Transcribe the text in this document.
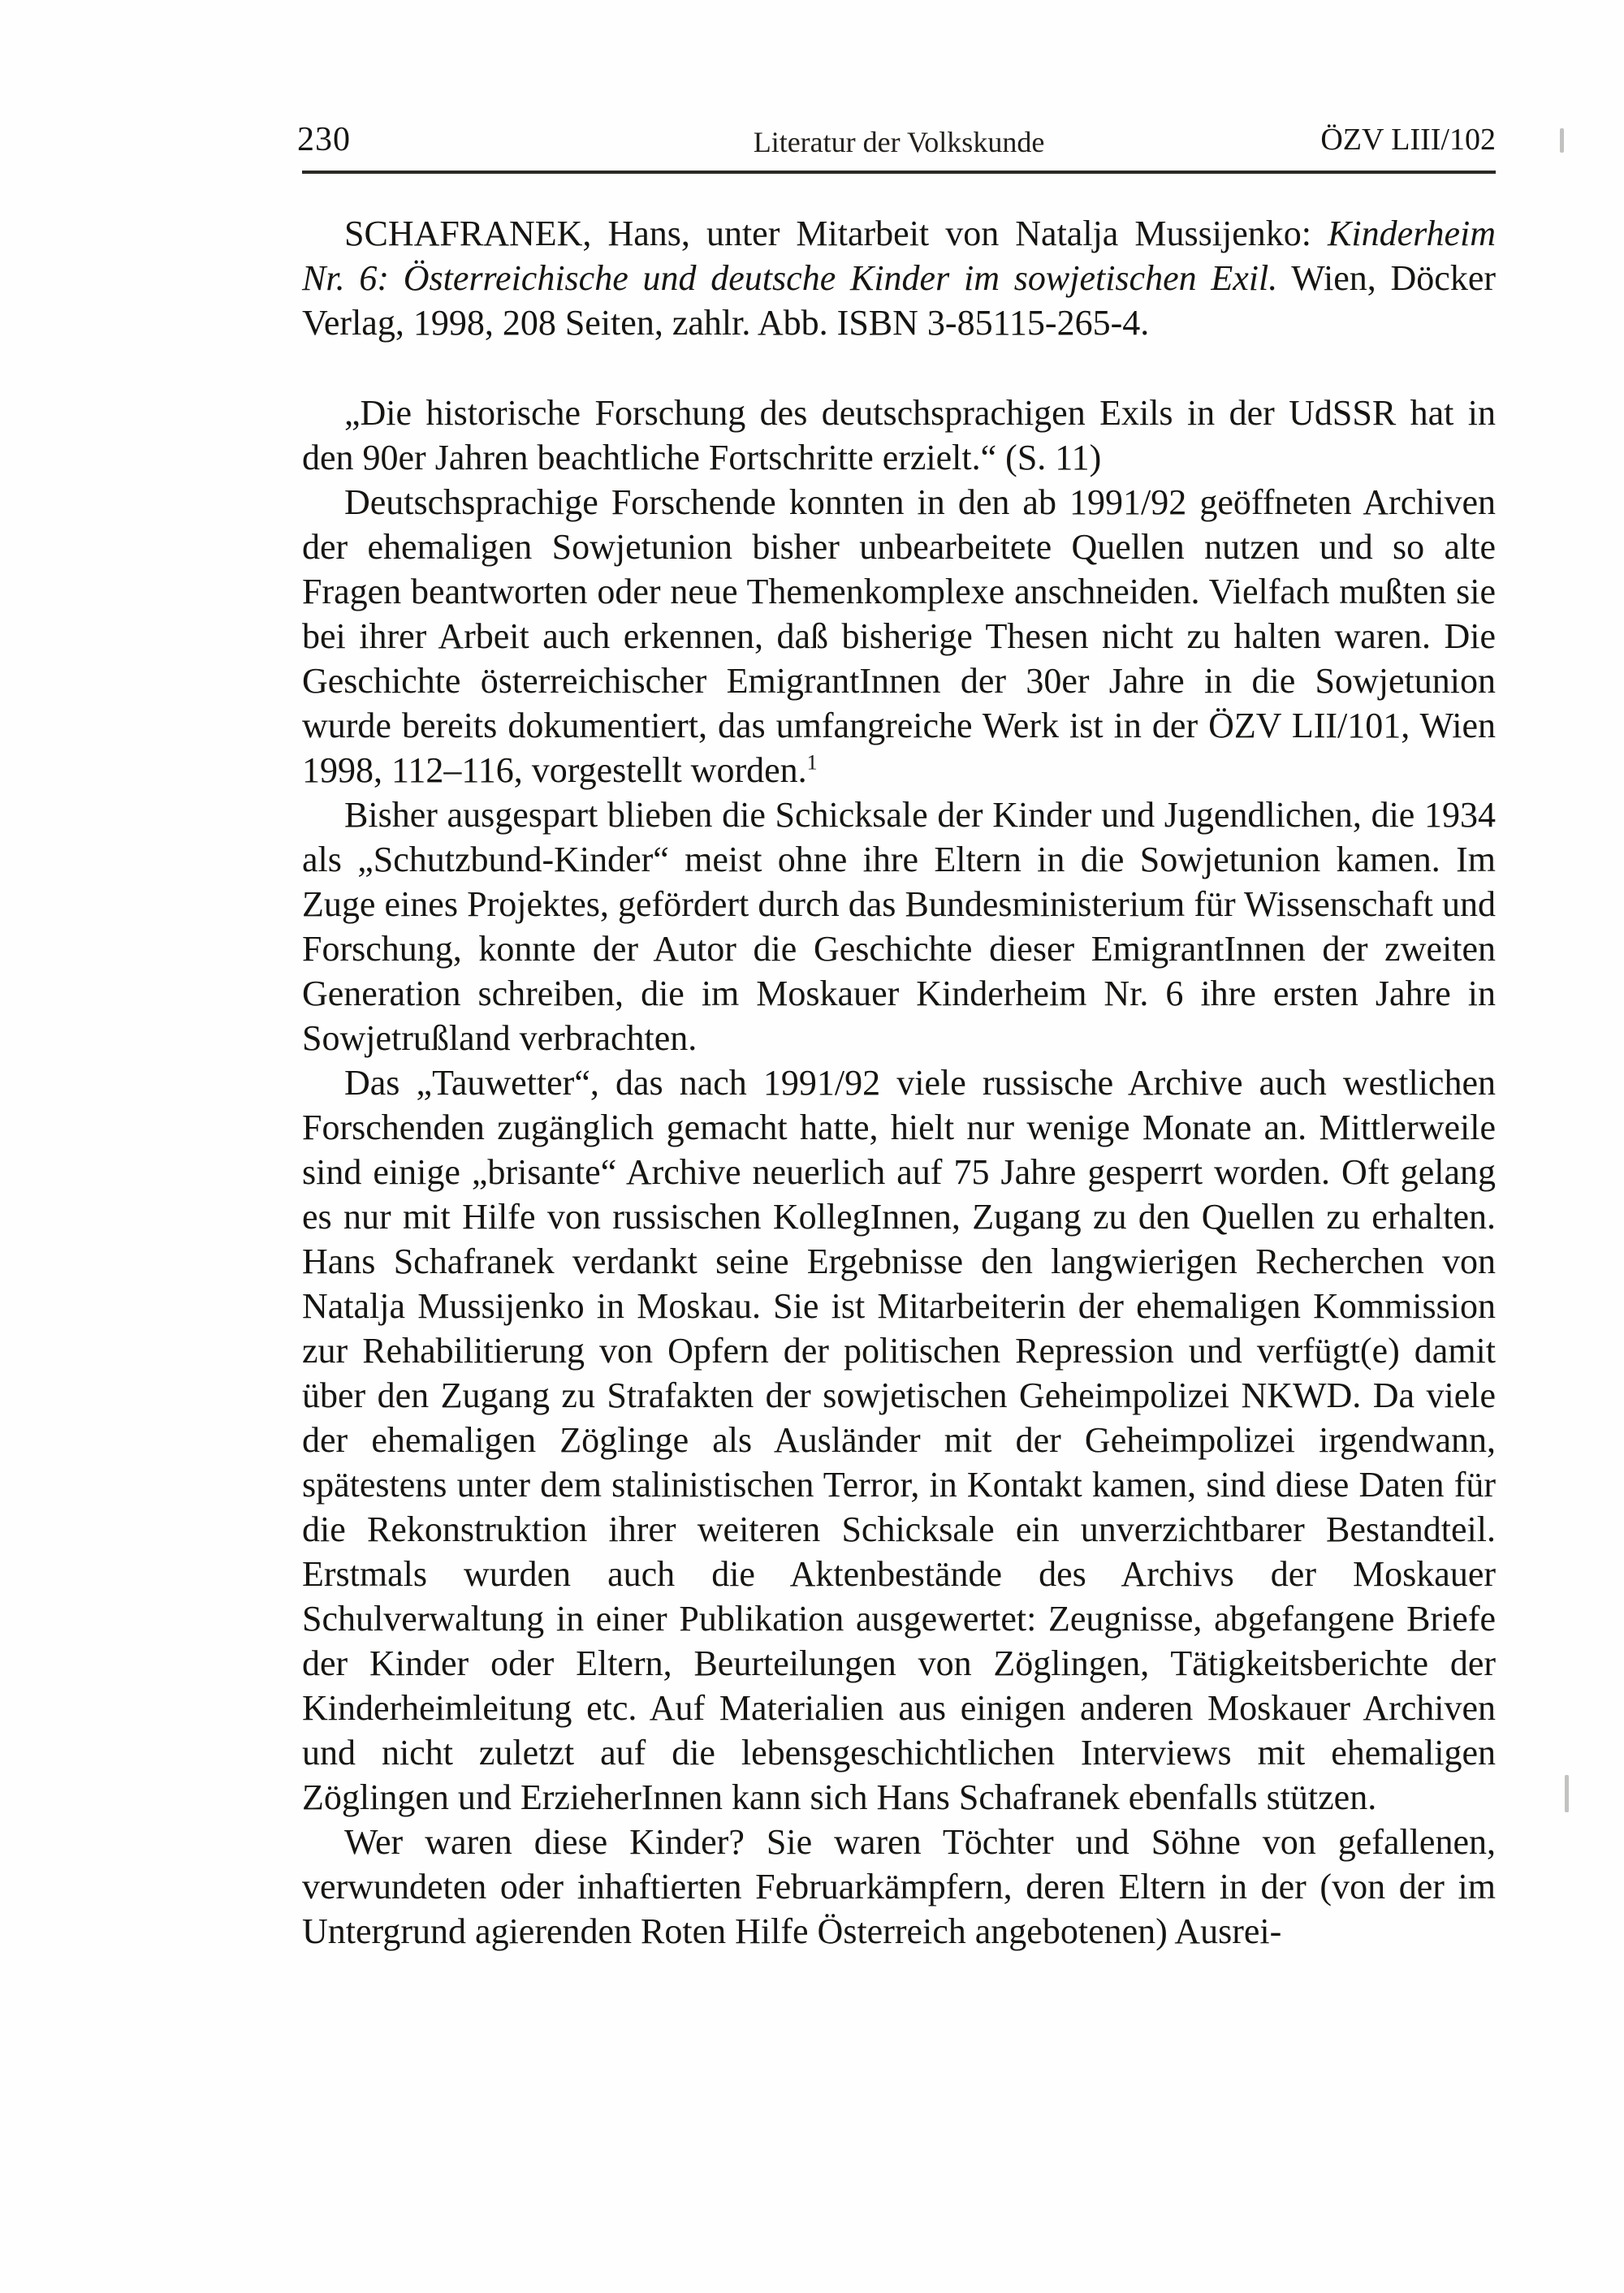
230	Literatur der Volkskunde	ÖZV LIII/102

SCHAFRANEK, Hans, unter Mitarbeit von Natalja Mussijenko: Kinderheim Nr. 6: Österreichische und deutsche Kinder im sowjetischen Exil. Wien, Döcker Verlag, 1998, 208 Seiten, zahlr. Abb. ISBN 3-85115-265-4.

„Die historische Forschung des deutschsprachigen Exils in der UdSSR hat in den 90er Jahren beachtliche Fortschritte erzielt.“ (S. 11)

Deutschsprachige Forschende konnten in den ab 1991/92 geöffneten Archiven der ehemaligen Sowjetunion bisher unbearbeitete Quellen nutzen und so alte Fragen beantworten oder neue Themenkomplexe anschneiden. Vielfach mußten sie bei ihrer Arbeit auch erkennen, daß bisherige Thesen nicht zu halten waren. Die Geschichte österreichischer EmigrantInnen der 30er Jahre in die Sowjetunion wurde bereits dokumentiert, das umfangreiche Werk ist in der ÖZV LII/101, Wien 1998, 112–116, vorgestellt worden.$^1$

Bisher ausgespart blieben die Schicksale der Kinder und Jugendlichen, die 1934 als „Schutzbund-Kinder“ meist ohne ihre Eltern in die Sowjetunion kamen. Im Zuge eines Projektes, gefördert durch das Bundesministerium für Wissenschaft und Forschung, konnte der Autor die Geschichte dieser EmigrantInnen der zweiten Generation schreiben, die im Moskauer Kinderheim Nr. 6 ihre ersten Jahre in Sowjetrußland verbrachten.

Das „Tauwetter“, das nach 1991/92 viele russische Archive auch westlichen Forschenden zugänglich gemacht hatte, hielt nur wenige Monate an. Mittlerweile sind einige „brisante“ Archive neuerlich auf 75 Jahre gesperrt worden. Oft gelang es nur mit Hilfe von russischen KollegInnen, Zugang zu den Quellen zu erhalten. Hans Schafranek verdankt seine Ergebnisse den langwierigen Recherchen von Natalja Mussijenko in Moskau. Sie ist Mitarbeiterin der ehemaligen Kommission zur Rehabilitierung von Opfern der politischen Repression und verfügt(e) damit über den Zugang zu Strafakten der sowjetischen Geheimpolizei NKWD. Da viele der ehemaligen Zöglinge als Ausländer mit der Geheimpolizei irgendwann, spätestens unter dem stalinistischen Terror, in Kontakt kamen, sind diese Daten für die Rekonstruktion ihrer weiteren Schicksale ein unverzichtbarer Bestandteil. Erstmals wurden auch die Aktenbestände des Archivs der Moskauer Schulverwaltung in einer Publikation ausgewertet: Zeugnisse, abgefangene Briefe der Kinder oder Eltern, Beurteilungen von Zöglingen, Tätigkeitsberichte der Kinderheimleitung etc. Auf Materialien aus einigen anderen Moskauer Archiven und nicht zuletzt auf die lebensgeschichtlichen Interviews mit ehemaligen Zöglingen und ErzieherInnen kann sich Hans Schafranek ebenfalls stützen.

Wer waren diese Kinder? Sie waren Töchter und Söhne von gefallenen, verwundeten oder inhaftierten Februarkämpfern, deren Eltern in der (von der im Untergrund agierenden Roten Hilfe Österreich angebotenen) Ausrei-
